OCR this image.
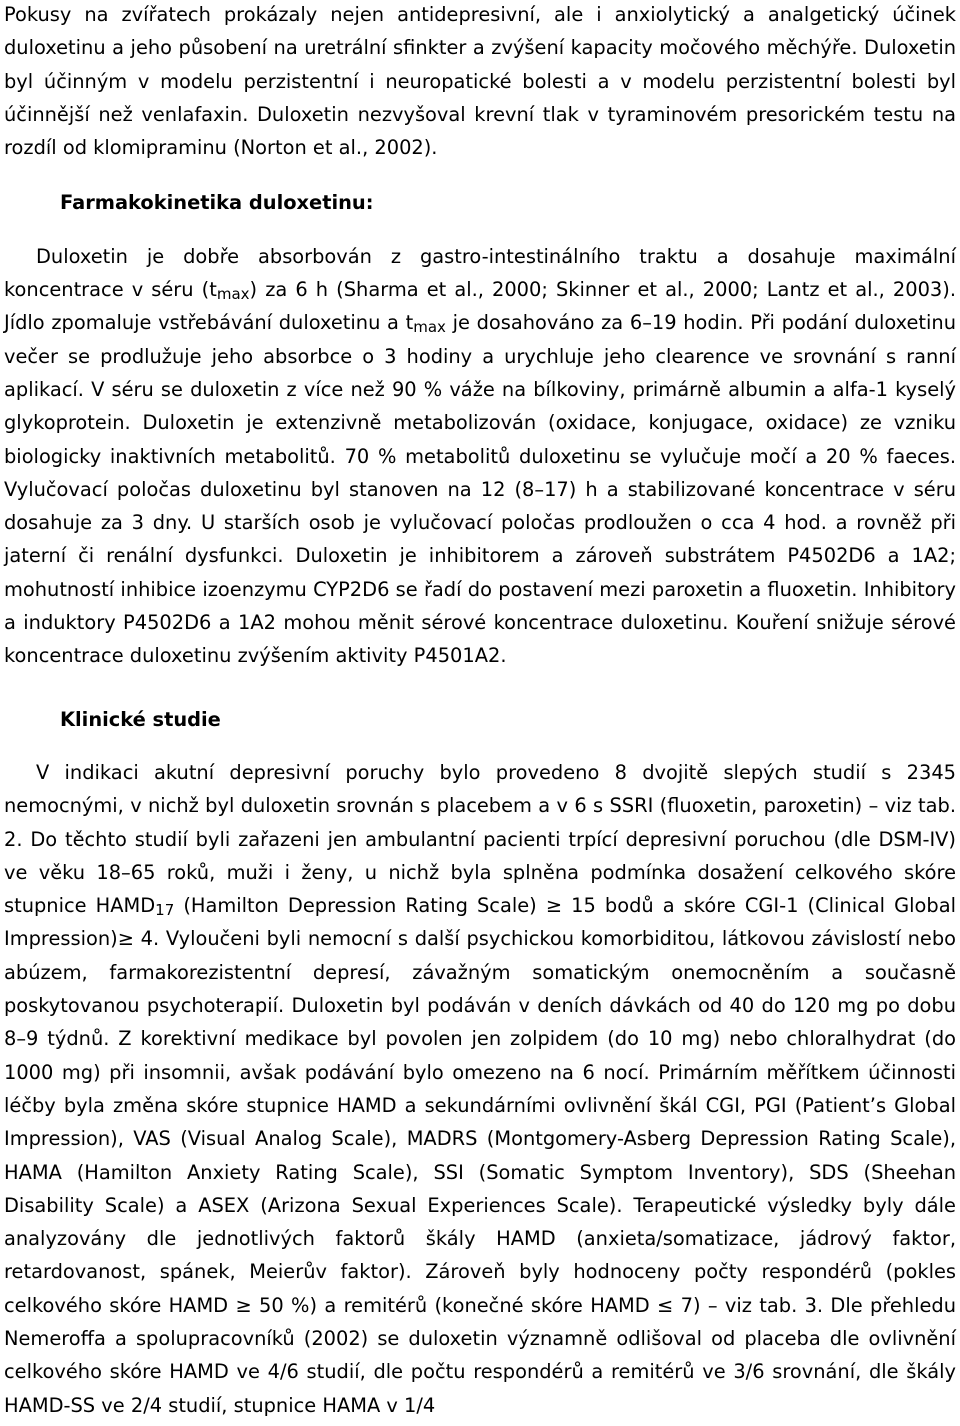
Pokusy na zvířatech prokázaly nejen antidepresivní, ale i anxiolytický a analgetický účinek duloxetinu a jeho působení na uretrální sfinkter a zvýšení kapacity močového měchýře. Duloxetin byl účinným v modelu perzistentní i neuropatické bolesti a v modelu perzistentní bolesti byl účinnější než venlafaxin. Duloxetin nezvyšoval krevní tlak v tyraminovém presorickém testu na rozdíl od klomipraminu (Norton et al., 2002).

Farmakokinetika duloxetinu:

Duloxetin je dobře absorbován z gastro-intestinálního traktu a dosahuje maximální koncentrace v séru $(t_{max})$ za 6 h (Sharma et al., 2000; Skinner et al., 2000; Lantz et al., 2003). Jídlo zpomaluje vstřebávání duloxetinu a $t_{max}$ je dosahováno za 6–19 hodin. Při podání duloxetinu večer se prodlužuje jeho absorbce o 3 hodiny a urychluje jeho clearence ve srovnání s ranní aplikací. V séru se duloxetin z více než 90 % váže na bílkoviny, primárně albumin a alfa-1 kyselý glykoprotein. Duloxetin je extenzivně metabolizován (oxidace, konjugace, oxidace) ze vzniku biologicky inaktivních metabolitů. 70 % metabolitů duloxetinu se vylučuje močí a 20 % faeces. Vylučovací poločas duloxetinu byl stanoven na 12 (8–17) h a stabilizované koncentrace v séru dosahuje za 3 dny. U starších osob je vylučovací poločas prodloužen o cca 4 hod. a rovněž při jaterní či renální dysfunkci. Duloxetin je inhibitorem a zároveň substrátem P4502D6 a 1A2; mohutností inhibice izoenzymu CYP2D6 se řadí do postavení mezi paroxetin a fluoxetin. Inhibitory a induktory P4502D6 a 1A2 mohou měnit sérové koncentrace duloxetinu. Kouření snižuje sérové koncentrace duloxetinu zvýšením aktivity P4501A2.

Klinické studie

V indikaci akutní depresivní poruchy bylo provedeno 8 dvojitě slepých studií s 2345 nemocnými, v nichž byl duloxetin srovnán s placebem a v 6 s SSRI (fluoxetin, paroxetin) – viz tab. 2. Do těchto studií byli zařazeni jen ambulantní pacienti trpící depresivní poruchou (dle DSM-IV) ve věku 18–65 roků, muži i ženy, u nichž byla splněna podmínka dosažení celkového skóre stupnice $HAMD_{17}$ (Hamilton Depression Rating Scale) ≥ 15 bodů a skóre CGI-1 (Clinical Global Impression)≥ 4. Vyloučeni byli nemocní s další psychickou komorbiditou, látkovou závislostí nebo abúzem, farmakorezistentní depresí, závažným somatickým onemocněním a současně poskytovanou psychoterapií. Duloxetin byl podáván v deních dávkách od 40 do 120 mg po dobu 8–9 týdnů. Z korektivní medikace byl povolen jen zolpidem (do 10 mg) nebo chloralhydrat (do 1000 mg) při insomnii, avšak podávání bylo omezeno na 6 nocí. Primárním měřítkem účinnosti léčby byla změna skóre stupnice HAMD a sekundárními ovlivnění škál CGI, PGI (Patient’s Global Impression), VAS (Visual Analog Scale), MADRS (Montgomery-Asberg Depression Rating Scale), HAMA (Hamilton Anxiety Rating Scale), SSI (Somatic Symptom Inventory), SDS (Sheehan Disability Scale) a ASEX (Arizona Sexual Experiences Scale). Terapeutické výsledky byly dále analyzovány dle jednotlivých faktorů škály HAMD (anxieta/somatizace, jádrový faktor, retardovanost, spánek, Meierův faktor). Zároveň byly hodnoceny počty respondérů (pokles celkového skóre HAMD ≥ 50 %) a remitérů (konečné skóre HAMD ≤ 7) – viz tab. 3. Dle přehledu Nemeroffa a spolupracovníků (2002) se duloxetin významně odlišoval od placeba dle ovlivnění celkového skóre HAMD ve 4/6 studií, dle počtu respondérů a remitérů ve 3/6 srovnání, dle škály HAMD-SS ve 2/4 studií, stupnice HAMA v 1/4
